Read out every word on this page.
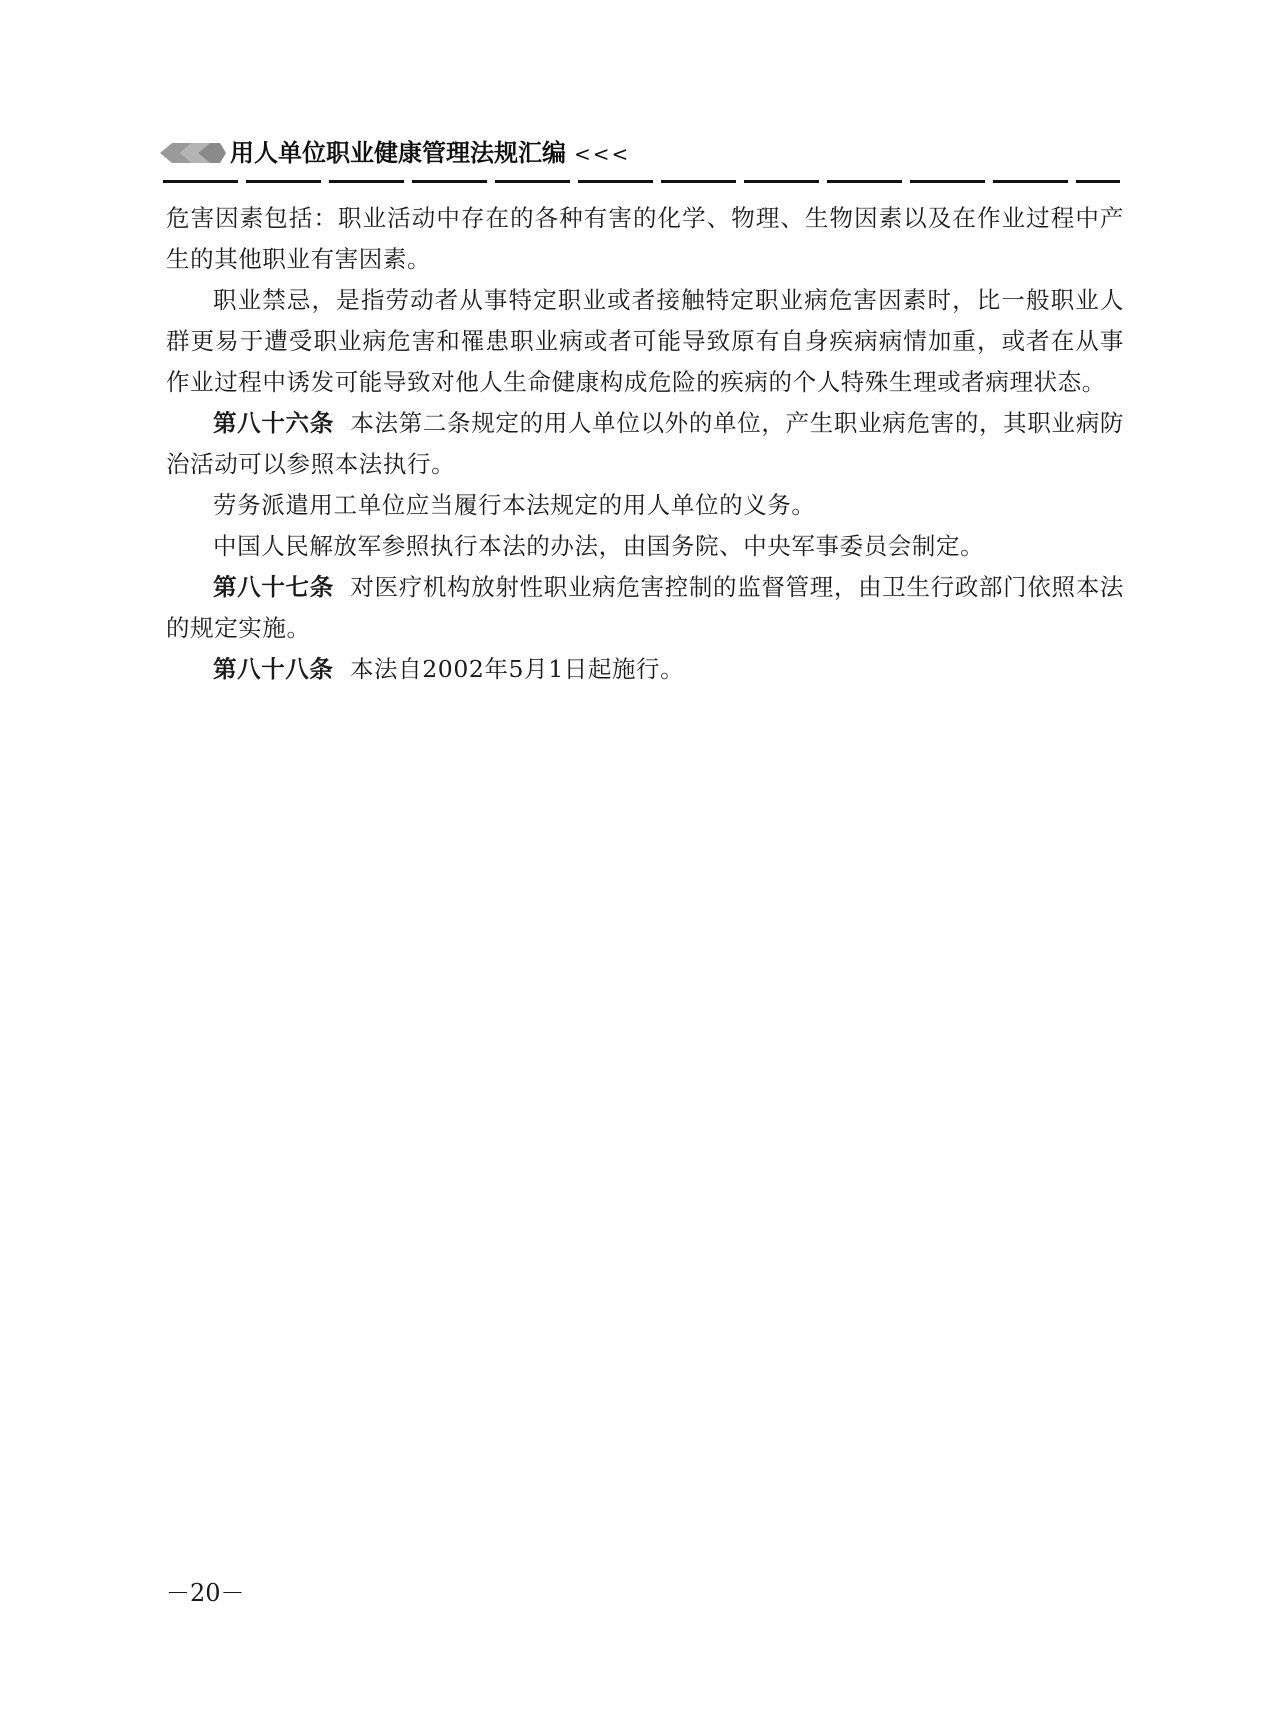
用人单位职业健康管理法规汇编 <<<

危害因素包括：职业活动中存在的各种有害的化学、物理、生物因素以及在作业过程中产生的其他职业有害因素。

职业禁忌，是指劳动者从事特定职业或者接触特定职业病危害因素时，比一般职业人群更易于遭受职业病危害和罹患职业病或者可能导致原有自身疾病病情加重，或者在从事作业过程中诱发可能导致对他人生命健康构成危险的疾病的个人特殊生理或者病理状态。

第八十六条 本法第二条规定的用人单位以外的单位，产生职业病危害的，其职业病防治活动可以参照本法执行。

劳务派遣用工单位应当履行本法规定的用人单位的义务。

中国人民解放军参照执行本法的办法，由国务院、中央军事委员会制定。

第八十七条 对医疗机构放射性职业病危害控制的监督管理，由卫生行政部门依照本法的规定实施。

第八十八条 本法自2002年5月1日起施行。

－20－
